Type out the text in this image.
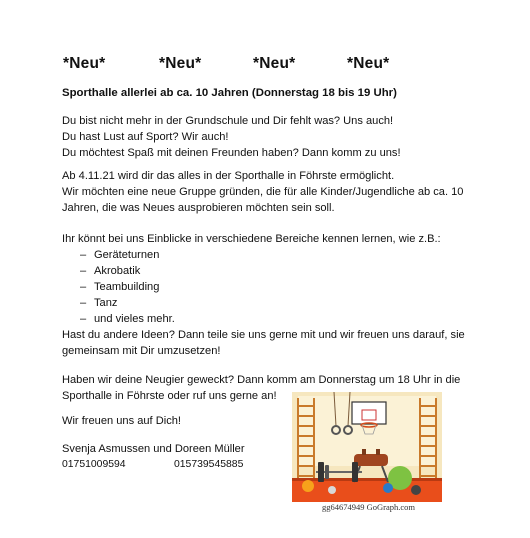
*Neu*	*Neu*	*Neu*	*Neu*
Sporthalle allerlei ab ca. 10 Jahren (Donnerstag 18 bis 19 Uhr)
Du bist nicht mehr in der Grundschule und Dir fehlt was? Uns auch!
Du hast Lust auf Sport? Wir auch!
Du möchtest Spaß mit deinen Freunden haben? Dann komm zu uns!
Ab 4.11.21 wird dir das alles in der Sporthalle in Föhrste ermöglicht.
Wir möchten eine neue Gruppe gründen, die für alle Kinder/Jugendliche ab ca. 10
Jahren, die was Neues ausprobieren möchten sein soll.
Ihr könnt bei uns Einblicke in verschiedene Bereiche kennen lernen, wie z.B.:
– Geräteturnen
– Akrobatik
– Teambuilding
– Tanz
– und vieles mehr.
Hast du andere Ideen? Dann teile sie uns gerne mit und wir freuen uns darauf, sie
gemeinsam mit Dir umzusetzen!
Haben wir deine Neugier geweckt? Dann komm am Donnerstag um 18 Uhr in die
Sporthalle in Föhrste oder ruf uns gerne an!
Wir freuen uns auf Dich!
Svenja Asmussen und Doreen Müller
01751009594	015739545885
gg64674949 GoGraph.com
